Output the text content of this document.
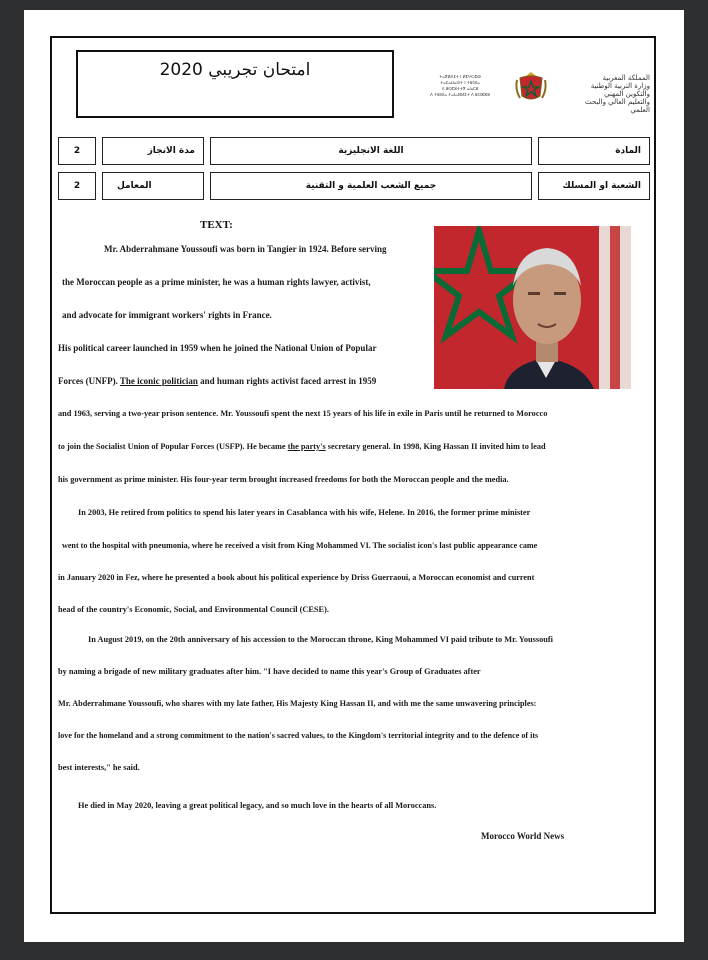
امتحان تجريبي 2020	ⵜⴰⴳⵍⴷⵉⵜ ⵏ ⵍⵎⵖⵔⵉⴱ
ⵜⴰⵎⴰⵡⴰⵙⵜ ⵏ ⵜⵓⵙⵏⴰ
ⴷ ⵓⵙⵎⵓⵜⵜⴳ ⴰⵏⴰⵎⵓ
ⴷ ⵜⵓⵙⵏⴰ ⵜⴰⵏⴰⴼⵍⵉⵜ ⴷ ⵓⵔⵣⵣⵓ
المملكة المغربية
وزارة التربية الوطنية
والتكوين المهني
والتعليم العالي والبحث العلمي
2	مدة الانجاز	اللغة الانجليزية	المادة
2	المعامل	جميع الشعب العلمية و التقنية	الشعبة او المسلك
TEXT:
Mr. Abderrahmane Youssoufi was born in Tangier in 1924. Before serving
the Moroccan people as a prime minister, he was a human rights lawyer, activist,
and advocate for immigrant workers' rights in France.
His political career launched in 1959 when he joined the National Union of Popular
Forces (UNFP). The iconic politician and human rights activist faced arrest in 1959
and 1963, serving a two-year prison sentence. Mr. Youssoufi spent the next 15 years of his life in exile in Paris until he returned to Morocco
to join the Socialist Union of Popular Forces (USFP). He became the party's secretary general. In 1998, King Hassan II invited him to lead
his government as prime minister. His four-year term brought increased freedoms for both the Moroccan people and the media.
In 2003, He retired from politics to spend his later years in Casablanca with his wife, Helene. In 2016, the former prime minister
went to the hospital with pneumonia, where he received a visit from King Mohammed VI. The socialist icon's last public appearance came
in January 2020 in Fez, where he presented a book about his political experience by Driss Guerraoui, a Moroccan economist and current
head of the country's Economic, Social, and Environmental Council (CESE).
In August 2019, on the 20th anniversary of his accession to the Moroccan throne, King Mohammed VI paid tribute to Mr. Youssoufi
by naming a brigade of new military graduates after him. "I have decided to name this year's Group of Graduates after
Mr. Abderrahmane Youssoufi, who shares with my late father, His Majesty King Hassan II, and with me the same unwavering principles:
love for the homeland and a strong commitment to the nation's sacred values, to the Kingdom's territorial integrity and to the defence of its
best interests," he said.
He died in May 2020, leaving a great political legacy, and so much love in the hearts of all Moroccans.
Morocco World News
